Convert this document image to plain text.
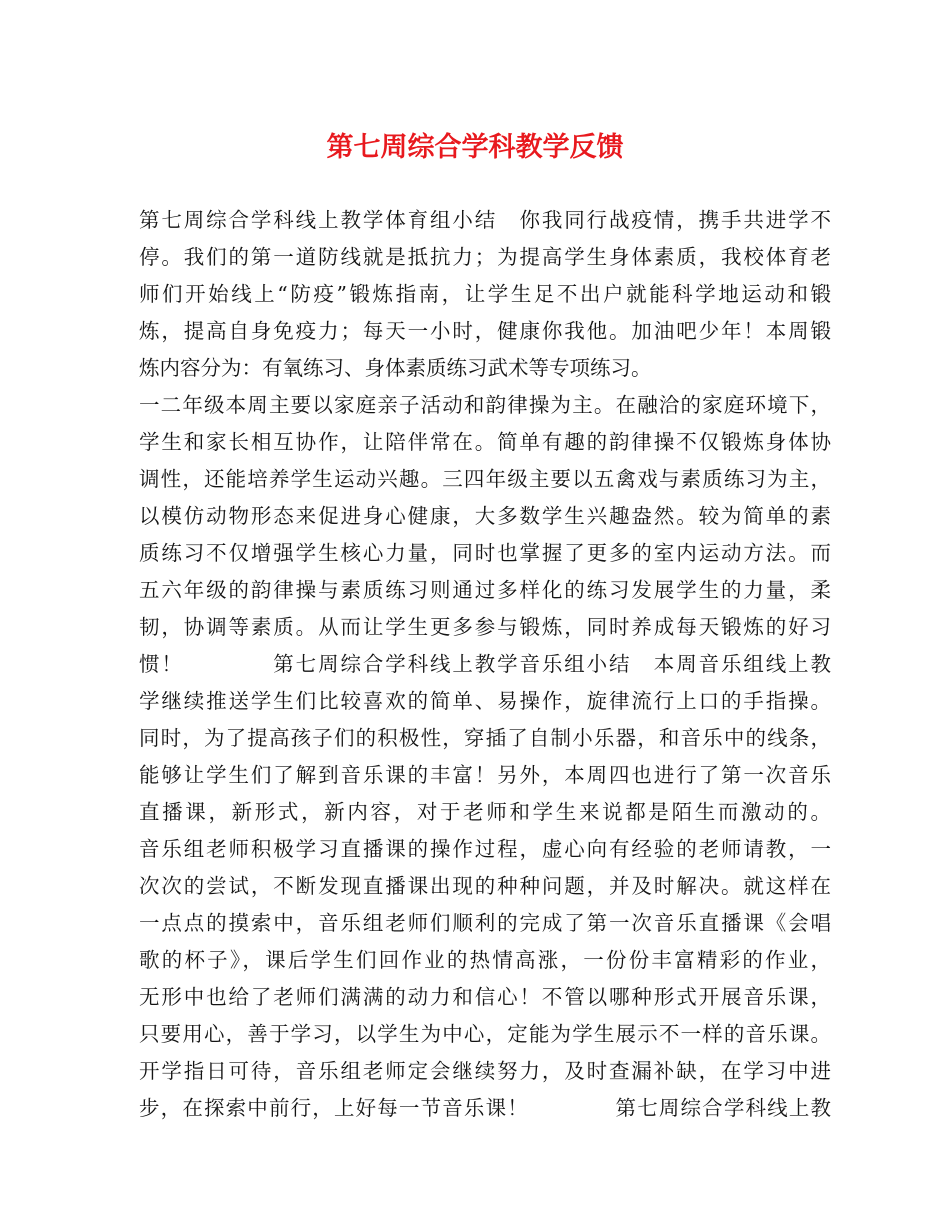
第七周综合学科教学反馈
第七周综合学科线上教学体育组小结　你我同行战疫情，携手共进学不
停。我们的第一道防线就是抵抗力；为提高学生身体素质，我校体育老
师们开始线上“防疫”锻炼指南，让学生足不出户就能科学地运动和锻
炼，提高自身免疫力；每天一小时，健康你我他。加油吧少年！本周锻
炼内容分为：有氧练习、身体素质练习武术等专项练习。
一二年级本周主要以家庭亲子活动和韵律操为主。在融洽的家庭环境下，
学生和家长相互协作，让陪伴常在。简单有趣的韵律操不仅锻炼身体协
调性，还能培养学生运动兴趣。三四年级主要以五禽戏与素质练习为主，
以模仿动物形态来促进身心健康，大多数学生兴趣盎然。较为简单的素
质练习不仅增强学生核心力量，同时也掌握了更多的室内运动方法。而
五六年级的韵律操与素质练习则通过多样化的练习发展学生的力量，柔
韧，协调等素质。从而让学生更多参与锻炼，同时养成每天锻炼的好习
惯！　　　　第七周综合学科线上教学音乐组小结　本周音乐组线上教
学继续推送学生们比较喜欢的简单、易操作，旋律流行上口的手指操。
同时，为了提高孩子们的积极性，穿插了自制小乐器，和音乐中的线条，
能够让学生们了解到音乐课的丰富！另外，本周四也进行了第一次音乐
直播课，新形式，新内容，对于老师和学生来说都是陌生而激动的。
音乐组老师积极学习直播课的操作过程，虚心向有经验的老师请教，一
次次的尝试，不断发现直播课出现的种种问题，并及时解决。就这样在
一点点的摸索中，音乐组老师们顺利的完成了第一次音乐直播课《会唱
歌的杯子》，课后学生们回作业的热情高涨，一份份丰富精彩的作业，
无形中也给了老师们满满的动力和信心！不管以哪种形式开展音乐课，
只要用心，善于学习，以学生为中心，定能为学生展示不一样的音乐课。
开学指日可待，音乐组老师定会继续努力，及时查漏补缺，在学习中进
步，在探索中前行，上好每一节音乐课！　　　　第七周综合学科线上教
